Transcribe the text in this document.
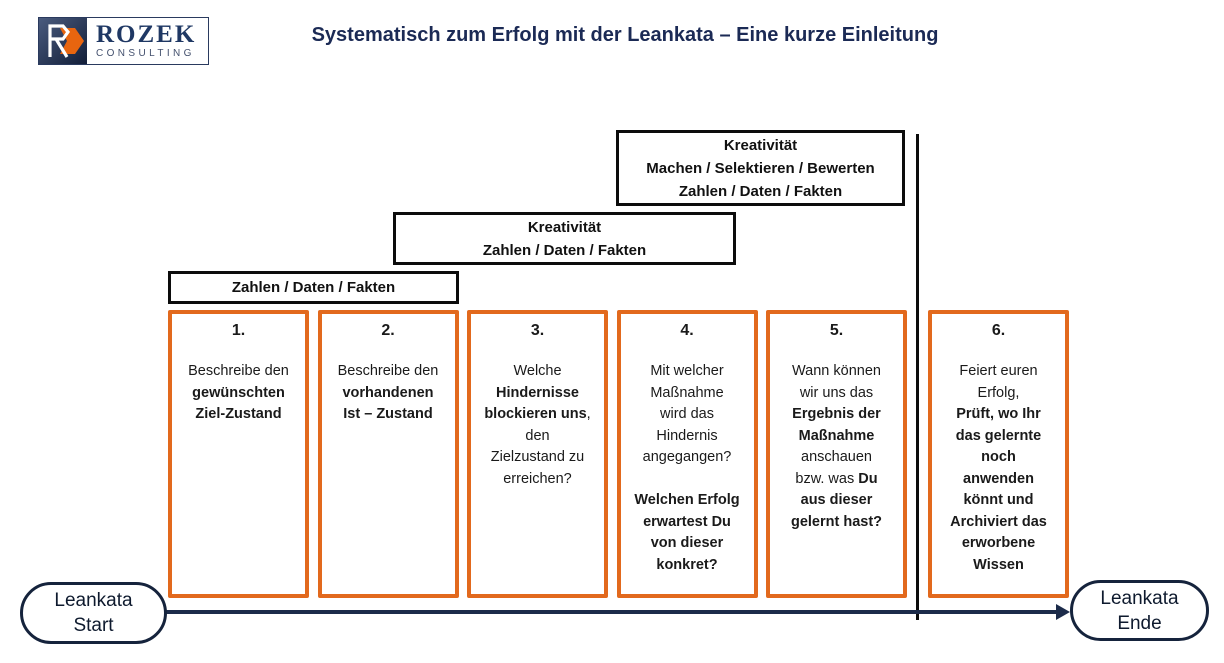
ROZEK
CONSULTING
Systematisch zum Erfolg mit der Leankata – Eine kurze Einleitung
Kreativität
Machen / Selektieren / Bewerten
Zahlen / Daten / Fakten
Kreativität
Zahlen / Daten / Fakten
Zahlen / Daten / Fakten
1.
Beschreibe den
gewünschten
Ziel-Zustand
2.
Beschreibe den
vorhandenen
Ist – Zustand
3.
Welche
Hindernisse
blockieren uns,
den
Zielzustand zu
erreichen?
4.
Mit welcher
Maßnahme
wird das
Hindernis
angegangen?

Welchen Erfolg
erwartest Du
von dieser
konkret?
5.
Wann können
wir uns das
Ergebnis der
Maßnahme
anschauen
bzw. was Du
aus dieser
gelernt hast?
6.
Feiert euren
Erfolg,
Prüft, wo Ihr
das gelernte
noch
anwenden
könnt und
Archiviert das
erworbene
Wissen
Leankata
Start
Leankata
Ende
